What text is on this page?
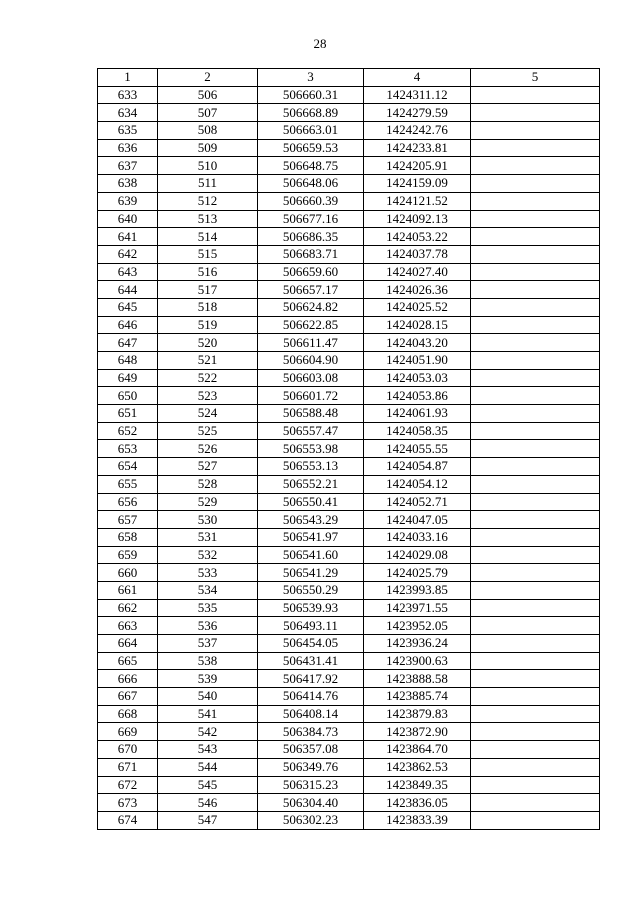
28
1	2	3	4	5
633	506	506660.31	1424311.12	
634	507	506668.89	1424279.59	
635	508	506663.01	1424242.76	
636	509	506659.53	1424233.81	
637	510	506648.75	1424205.91	
638	511	506648.06	1424159.09	
639	512	506660.39	1424121.52	
640	513	506677.16	1424092.13	
641	514	506686.35	1424053.22	
642	515	506683.71	1424037.78	
643	516	506659.60	1424027.40	
644	517	506657.17	1424026.36	
645	518	506624.82	1424025.52	
646	519	506622.85	1424028.15	
647	520	506611.47	1424043.20	
648	521	506604.90	1424051.90	
649	522	506603.08	1424053.03	
650	523	506601.72	1424053.86	
651	524	506588.48	1424061.93	
652	525	506557.47	1424058.35	
653	526	506553.98	1424055.55	
654	527	506553.13	1424054.87	
655	528	506552.21	1424054.12	
656	529	506550.41	1424052.71	
657	530	506543.29	1424047.05	
658	531	506541.97	1424033.16	
659	532	506541.60	1424029.08	
660	533	506541.29	1424025.79	
661	534	506550.29	1423993.85	
662	535	506539.93	1423971.55	
663	536	506493.11	1423952.05	
664	537	506454.05	1423936.24	
665	538	506431.41	1423900.63	
666	539	506417.92	1423888.58	
667	540	506414.76	1423885.74	
668	541	506408.14	1423879.83	
669	542	506384.73	1423872.90	
670	543	506357.08	1423864.70	
671	544	506349.76	1423862.53	
672	545	506315.23	1423849.35	
673	546	506304.40	1423836.05	
674	547	506302.23	1423833.39	
